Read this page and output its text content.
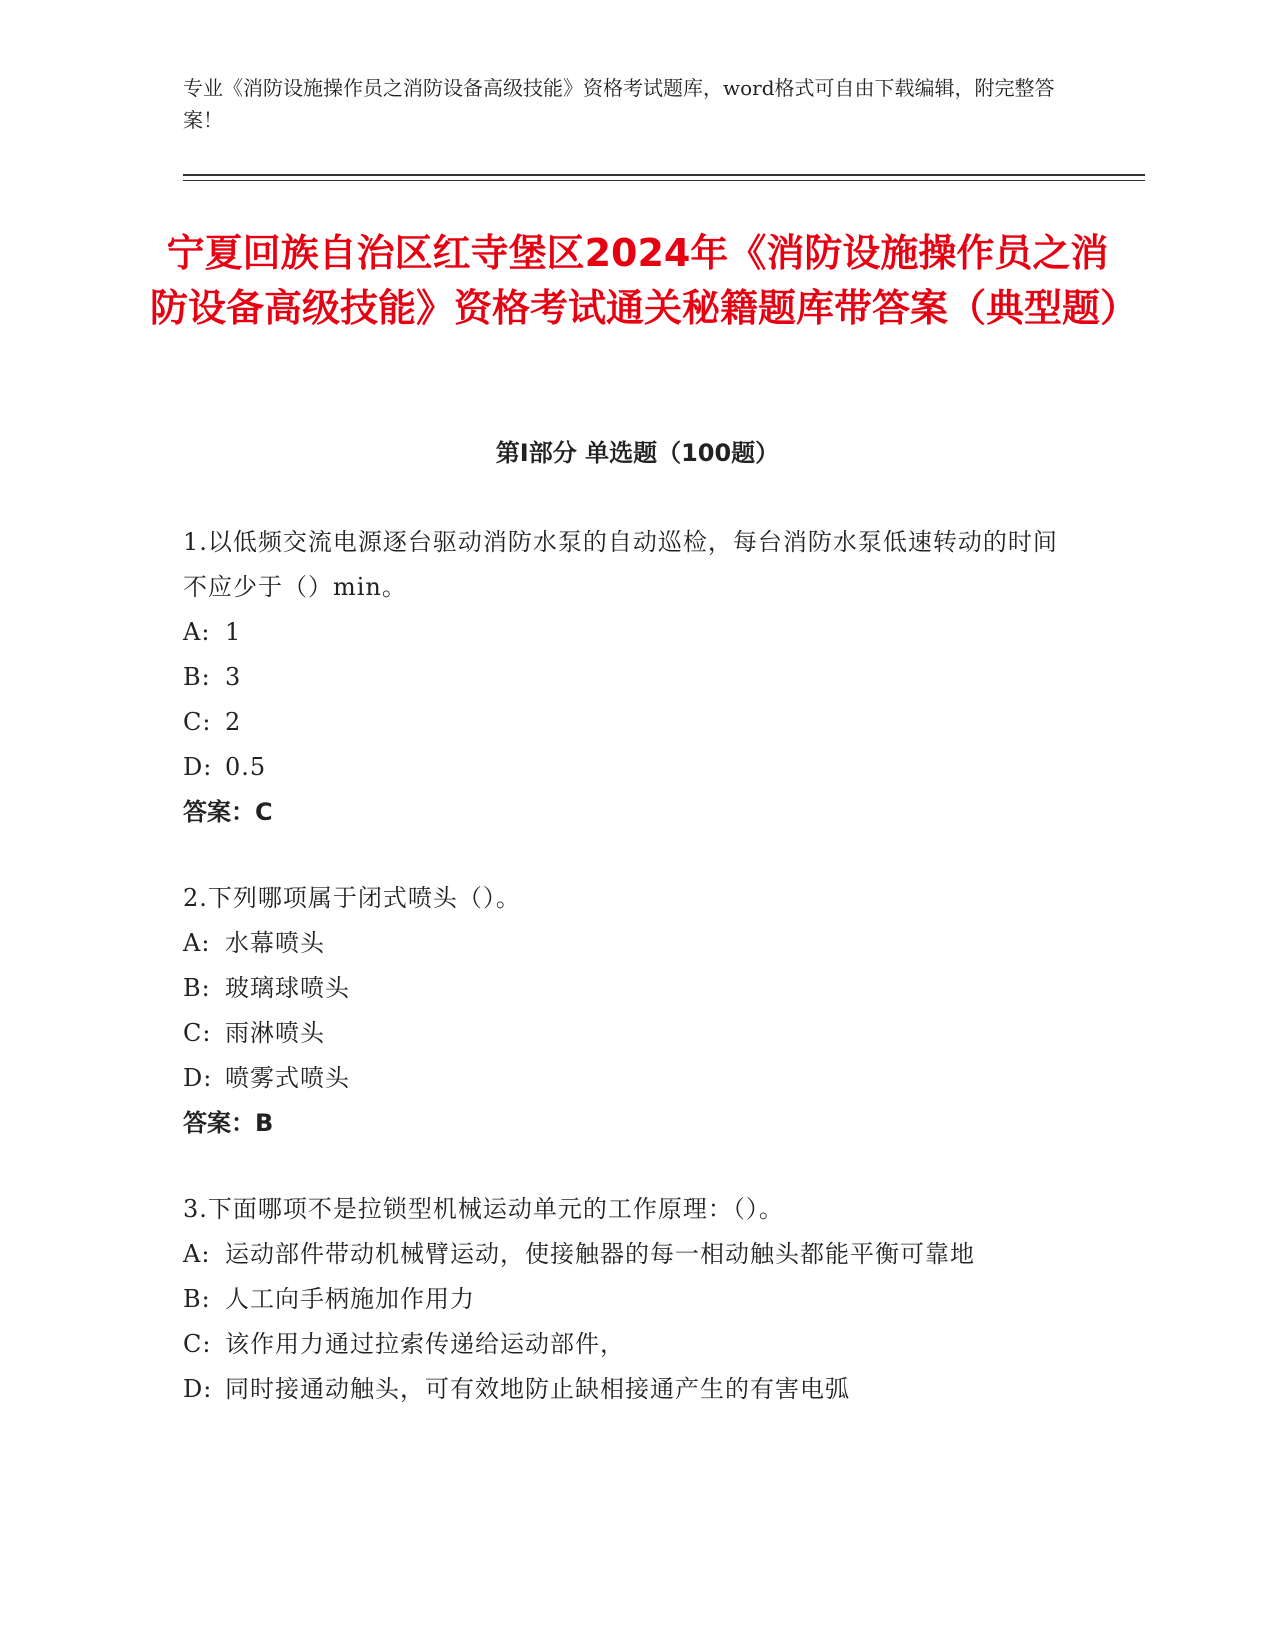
专业《消防设施操作员之消防设备高级技能》资格考试题库，word格式可自由下载编辑，附完整答案！
宁夏回族自治区红寺堡区2024年《消防设施操作员之消防设备高级技能》资格考试通关秘籍题库带答案（典型题）
第Ⅰ部分 单选题（100题）
1.以低频交流电源逐台驱动消防水泵的自动巡检，每台消防水泵低速转动的时间不应少于（）min。
A: 1
B: 3
C: 2
D: 0.5
答案：C
2.下列哪项属于闭式喷头（）。
A: 水幕喷头
B: 玻璃球喷头
C: 雨淋喷头
D: 喷雾式喷头
答案：B
3.下面哪项不是拉锁型机械运动单元的工作原理：（）。
A: 运动部件带动机械臂运动，使接触器的每一相动触头都能平衡可靠地
B: 人工向手柄施加作用力
C: 该作用力通过拉索传递给运动部件，
D: 同时接通动触头，可有效地防止缺相接通产生的有害电弧
